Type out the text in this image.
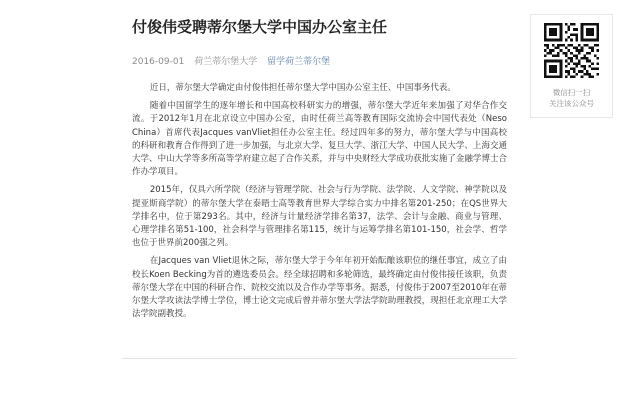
付俊伟受聘蒂尔堡大学中国办公室主任
2016-09-01 荷兰蒂尔堡大学 留学荷兰蒂尔堡

近日，蒂尔堡大学确定由付俊伟担任蒂尔堡大学中国办公室主任、中国事务代表。

随着中国留学生的逐年增长和中国高校科研实力的增强，蒂尔堡大学近年来加强了对华合作交流。于2012年1月在北京设立中国办公室，由时任荷兰高等教育国际交流协会中国代表处（Neso China）首席代表Jacques vanVliet担任办公室主任。经过四年多的努力，蒂尔堡大学与中国高校的科研和教育合作得到了进一步加强，与北京大学、复旦大学、浙江大学、中国人民大学、上海交通大学、中山大学等多所高等学府建立起了合作关系，并与中央财经大学成功获批实施了金融学博士合作办学项目。

2015年，仅具六所学院（经济与管理学院、社会与行为学院、法学院、人文学院、神学院以及提亚斯商学院）的蒂尔堡大学在泰晤士高等教育世界大学综合实力中排名第201-250；在QS世界大学排名中，位于第293名。其中，经济与计量经济学排名第37，法学、会计与金融、商业与管理、心理学排名第51-100，社会科学与管理排名第115，统计与运筹学排名第101-150，社会学、哲学也位于世界前200强之列。

在Jacques van Vliet退休之际，蒂尔堡大学于今年年初开始酝酿该职位的继任事宜，成立了由校长Koen Becking为首的遴选委员会。经全球招聘和多轮筛选，最终确定由付俊伟接任该职，负责蒂尔堡大学在中国的科研合作、院校交流以及合作办学等事务。据悉，付俊伟于2007至2010年在蒂尔堡大学攻读法学博士学位，博士论文完成后曾并蒂尔堡大学法学院助理教授，现担任北京理工大学法学院副教授。

微信扫一扫
关注该公众号
